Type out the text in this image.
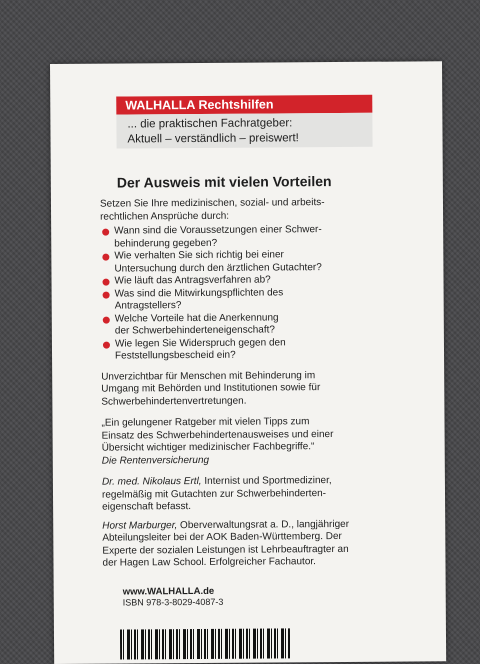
WALHALLA Rechtshilfen
... die praktischen Fachratgeber:
Aktuell – verständlich – preiswert!
Der Ausweis mit vielen Vorteilen

Setzen Sie Ihre medizinischen, sozial- und arbeits-
rechtlichen Ansprüche durch:

Wann sind die Voraussetzungen einer Schwer-
behinderung gegeben?
Wie verhalten Sie sich richtig bei einer
Untersuchung durch den ärztlichen Gutachter?
Wie läuft das Antragsverfahren ab?
Was sind die Mitwirkungspflichten des
Antragstellers?
Welche Vorteile hat die Anerkennung
der Schwerbehinderteneigenschaft?
Wie legen Sie Widerspruch gegen den
Feststellungsbescheid ein?

Unverzichtbar für Menschen mit Behinderung im
Umgang mit Behörden und Institutionen sowie für
Schwerbehindertenvertretungen.

„Ein gelungener Ratgeber mit vielen Tipps zum
Einsatz des Schwerbehindertenausweises und einer
Übersicht wichtiger medizinischer Fachbegriffe.“
Die Rentenversicherung

Dr. med. Nikolaus Ertl, Internist und Sportmediziner,
regelmäßig mit Gutachten zur Schwerbehinderten-
eigenschaft befasst.

Horst Marburger, Oberverwaltungsrat a. D., langjähriger
Abteilungsleiter bei der AOK Baden-Württemberg. Der
Experte der sozialen Leistungen ist Lehrbeauftragter an
der Hagen Law School. Erfolgreicher Fachautor.

www.WALHALLA.de
ISBN 978-3-8029-4087-3
